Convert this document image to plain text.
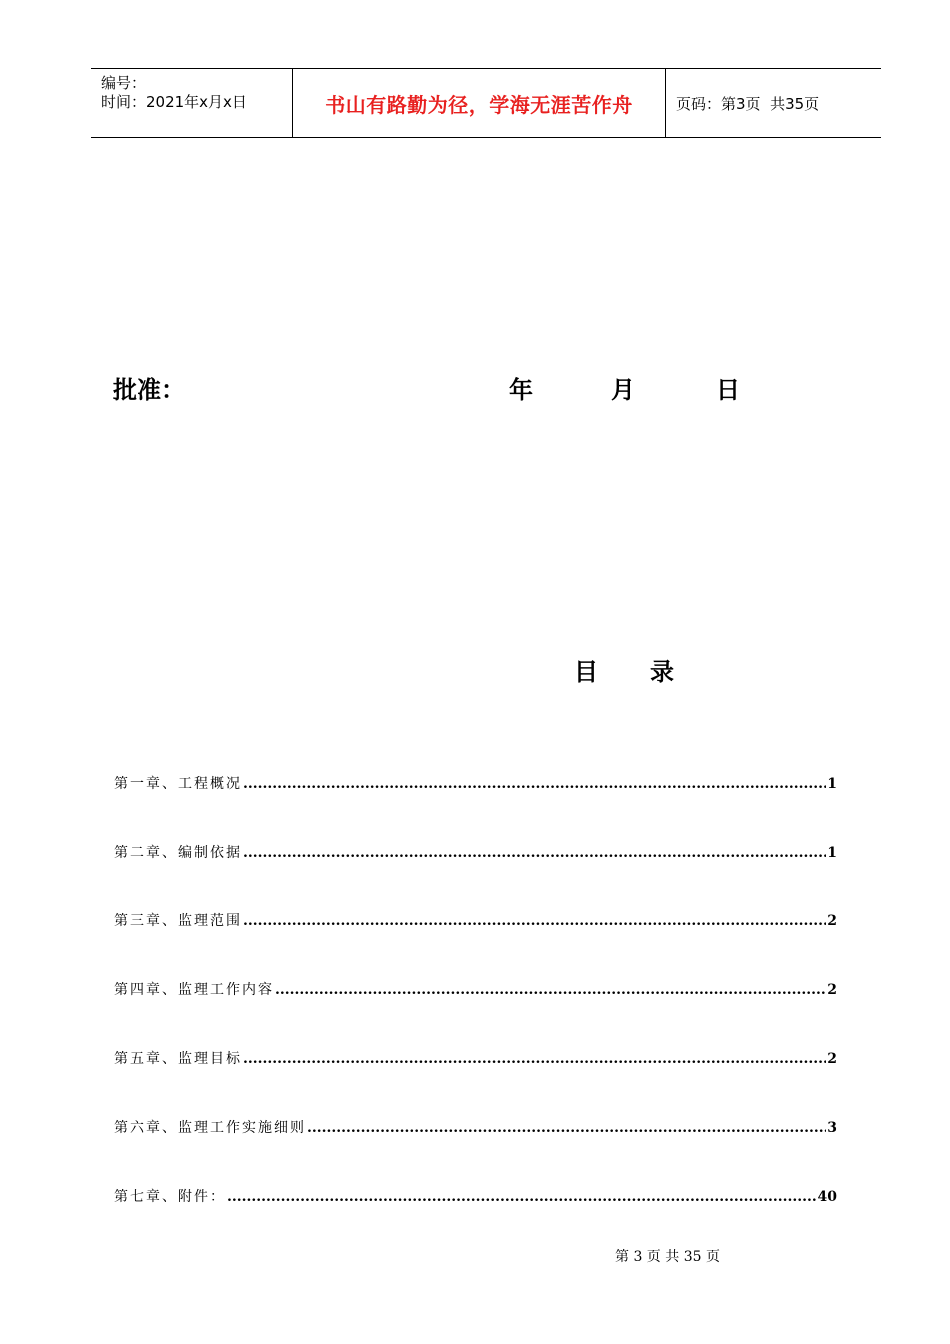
编号：
时间：2021年x月x日	书山有路勤为径，学海无涯苦作舟	页码：第3页  共35页
批准：	年	月	日
目 录
第一章、工程概况 .....	1
第二章、编制依据 .....	1
第三章、监理范围 .....	2
第四章、监理工作内容 .....	2
第五章、监理目标 .....	2
第六章、监理工作实施细则 .....	3
第七章、附件： .....	40
第 3 页 共 35 页
